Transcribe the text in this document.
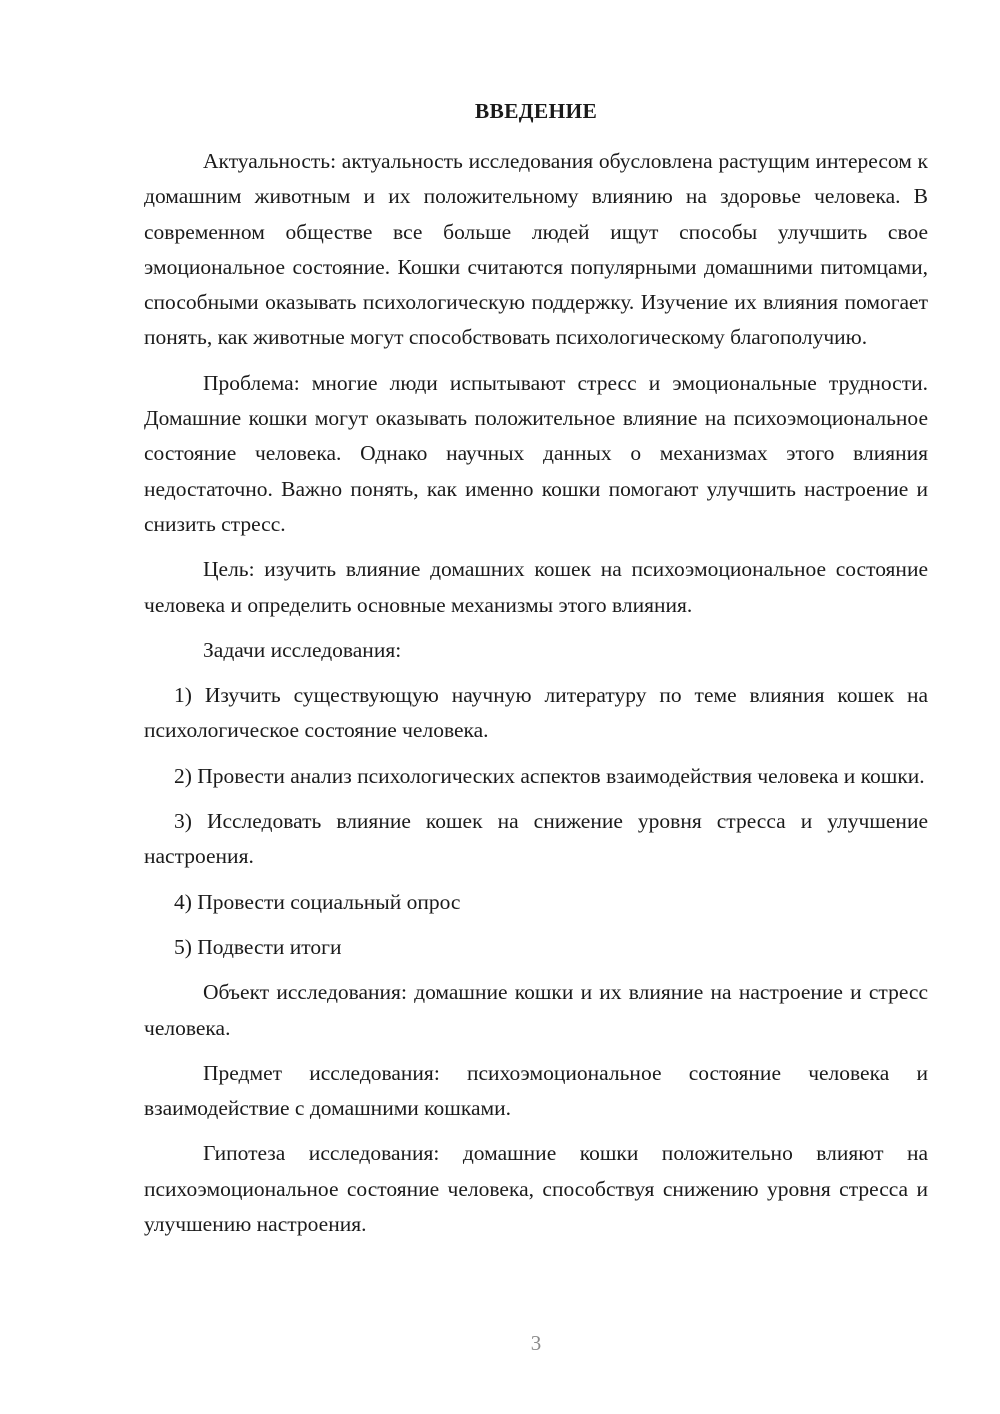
ВВЕДЕНИЕ

Актуальность: актуальность исследования обусловлена растущим интересом к домашним животным и их положительному влиянию на здоровье человека. В современном обществе все больше людей ищут способы улучшить свое эмоциональное состояние. Кошки считаются популярными домашними питомцами, способными оказывать психологическую поддержку. Изучение их влияния помогает понять, как животные могут способствовать психологическому благополучию.

Проблема: многие люди испытывают стресс и эмоциональные трудности. Домашние кошки могут оказывать положительное влияние на психоэмоциональное состояние человека. Однако научных данных о механизмах этого влияния недостаточно. Важно понять, как именно кошки помогают улучшить настроение и снизить стресс.

Цель: изучить влияние домашних кошек на психоэмоциональное состояние человека и определить основные механизмы этого влияния.

Задачи исследования:

1) Изучить существующую научную литературу по теме влияния кошек на психологическое состояние человека.

2) Провести анализ психологических аспектов взаимодействия человека и кошки.

3) Исследовать влияние кошек на снижение уровня стресса и улучшение настроения.

4) Провести социальный опрос

5) Подвести итоги

Объект исследования: домашние кошки и их влияние на настроение и стресс человека.

Предмет исследования: психоэмоциональное состояние человека и взаимодействие с домашними кошками.

Гипотеза исследования: домашние кошки положительно влияют на психоэмоциональное состояние человека, способствуя снижению уровня стресса и улучшению настроения.

3
